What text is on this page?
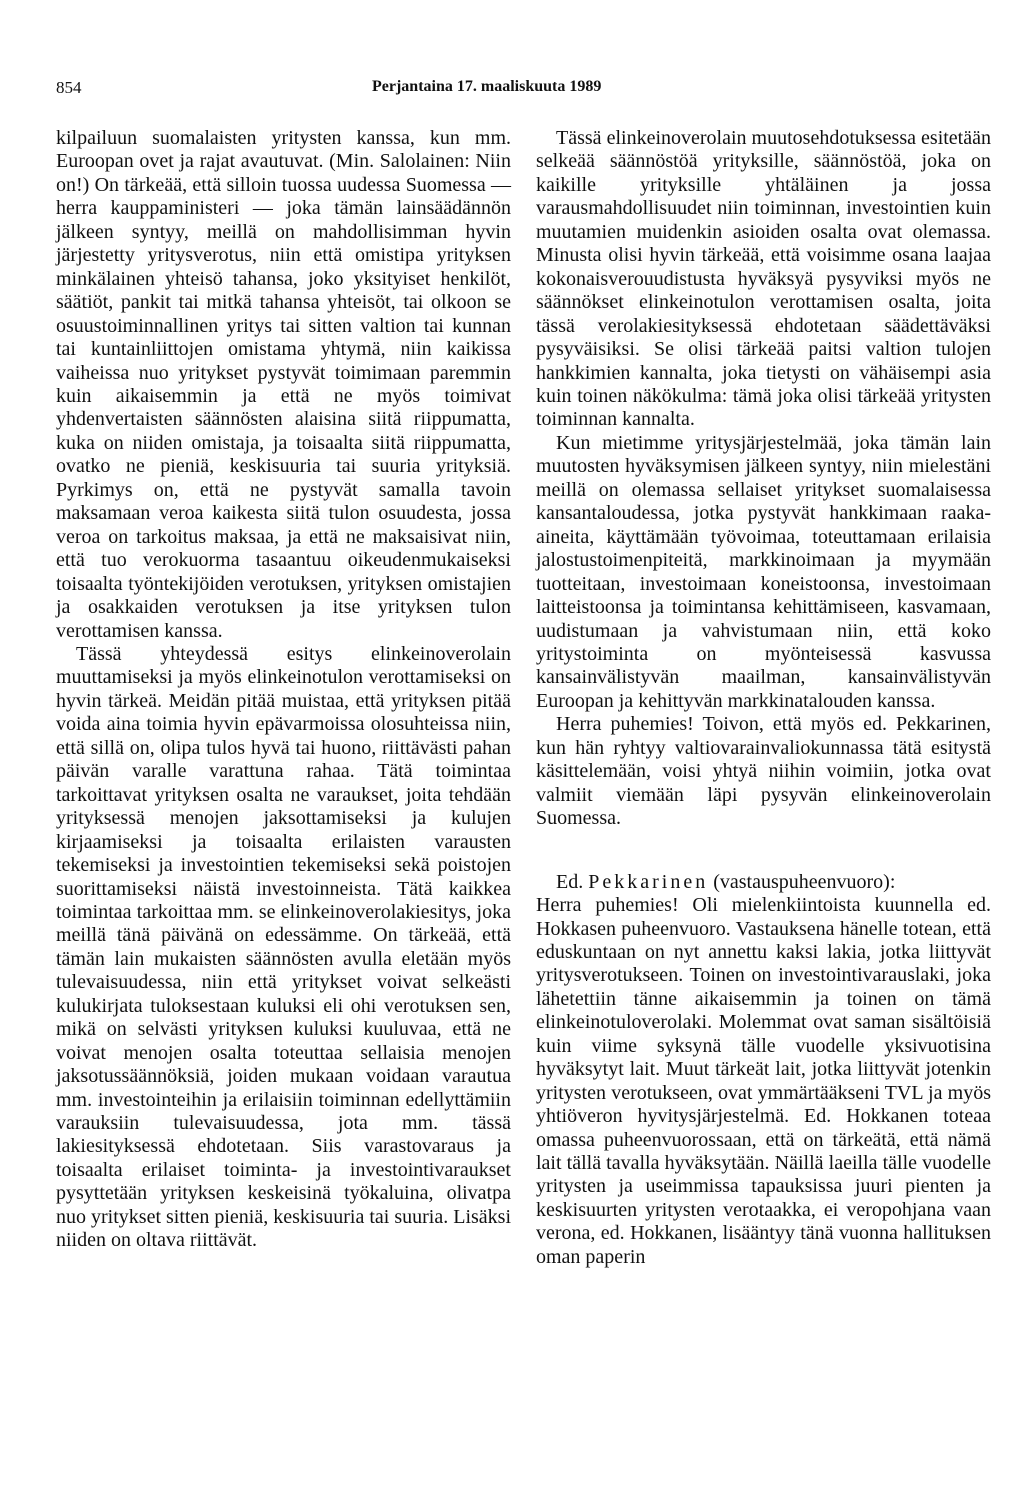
854	Perjantaina 17. maaliskuuta 1989

kilpailuun suomalaisten yritysten kanssa, kun mm. Euroopan ovet ja rajat avautuvat. (Min. Salolainen: Niin on!) On tärkeää, että silloin tuossa uudessa Suomessa — herra kauppaministeri — joka tämän lainsäädännön jälkeen syntyy, meillä on mahdollisimman hyvin järjestetty yritysverotus, niin että omistipa yrityksen minkälainen yhteisö tahansa, joko yksityiset henkilöt, säätiöt, pankit tai mitkä tahansa yhteisöt, tai olkoon se osuustoiminnallinen yritys tai sitten valtion tai kunnan tai kuntainliittojen omistama yhtymä, niin kaikissa vaiheissa nuo yritykset pystyvät toimimaan paremmin kuin aikaisemmin ja että ne myös toimivat yhdenvertaisten säännösten alaisina siitä riippumatta, kuka on niiden omistaja, ja toisaalta siitä riippumatta, ovatko ne pieniä, keskisuuria tai suuria yrityksiä. Pyrkimys on, että ne pystyvät samalla tavoin maksamaan veroa kaikesta siitä tulon osuudesta, jossa veroa on tarkoitus maksaa, ja että ne maksaisivat niin, että tuo verokuorma tasaantuu oikeudenmukaiseksi toisaalta työntekijöiden verotuksen, yrityksen omistajien ja osakkaiden verotuksen ja itse yrityksen tulon verottamisen kanssa.

Tässä yhteydessä esitys elinkeinoverolain muuttamiseksi ja myös elinkeinotulon verottamiseksi on hyvin tärkeä. Meidän pitää muistaa, että yrityksen pitää voida aina toimia hyvin epävarmoissa olosuhteissa niin, että sillä on, olipa tulos hyvä tai huono, riittävästi pahan päivän varalle varattuna rahaa. Tätä toimintaa tarkoittavat yrityksen osalta ne varaukset, joita tehdään yrityksessä menojen jaksottamiseksi ja kulujen kirjaamiseksi ja toisaalta erilaisten varausten tekemiseksi ja investointien tekemiseksi sekä poistojen suorittamiseksi näistä investoinneista. Tätä kaikkea toimintaa tarkoittaa mm. se elinkeinoverolakiesitys, joka meillä tänä päivänä on edessämme. On tärkeää, että tämän lain mukaisten säännösten avulla eletään myös tulevaisuudessa, niin että yritykset voivat selkeästi kulukirjata tuloksestaan kuluksi eli ohi verotuksen sen, mikä on selvästi yrityksen kuluksi kuuluvaa, että ne voivat menojen osalta toteuttaa sellaisia menojen jaksotussäännöksiä, joiden mukaan voidaan varautua mm. investointeihin ja erilaisiin toiminnan edellyttämiin varauksiin tulevaisuudessa, jota mm. tässä lakiesityksessä ehdotetaan. Siis varastovaraus ja toisaalta erilaiset toiminta- ja investointivaraukset pysyttetään yrityksen keskeisinä työkaluina, olivatpa nuo yritykset sitten pieniä, keskisuuria tai suuria. Lisäksi niiden on oltava riittävät.

Tässä elinkeinoverolain muutosehdotuksessa esitetään selkeää säännöstöä yrityksille, säännöstöä, joka on kaikille yrityksille yhtäläinen ja jossa varausmahdollisuudet niin toiminnan, investointien kuin muutamien muidenkin asioiden osalta ovat olemassa. Minusta olisi hyvin tärkeää, että voisimme osana laajaa kokonaisverouudistusta hyväksyä pysyviksi myös ne säännökset elinkeinotulon verottamisen osalta, joita tässä verolakiesityksessä ehdotetaan säädettäväksi pysyväisiksi. Se olisi tärkeää paitsi valtion tulojen hankkimien kannalta, joka tietysti on vähäisempi asia kuin toinen näkökulma: tämä joka olisi tärkeää yritysten toiminnan kannalta.

Kun mietimme yritysjärjestelmää, joka tämän lain muutosten hyväksymisen jälkeen syntyy, niin mielestäni meillä on olemassa sellaiset yritykset suomalaisessa kansantaloudessa, jotka pystyvät hankkimaan raaka-aineita, käyttämään työvoimaa, toteuttamaan erilaisia jalostustoimenpiteitä, markkinoimaan ja myymään tuotteitaan, investoimaan koneistoonsa, investoimaan laitteistoonsa ja toimintansa kehittämiseen, kasvamaan, uudistumaan ja vahvistumaan niin, että koko yritystoiminta on myönteisessä kasvussa kansainvälistyvän maailman, kansainvälistyvän Euroopan ja kehittyvän markkinatalouden kanssa.

Herra puhemies! Toivon, että myös ed. Pekkarinen, kun hän ryhtyy valtiovarainvaliokunnassa tätä esitystä käsittelemään, voisi yhtyä niihin voimiin, jotka ovat valmiit viemään läpi pysyvän elinkeinoverolain Suomessa.

Ed. Pekkarinen (vastauspuheenvuoro):

Herra puhemies! Oli mielenkiintoista kuunnella ed. Hokkasen puheenvuoro. Vastauksena hänelle totean, että eduskuntaan on nyt annettu kaksi lakia, jotka liittyvät yritysverotukseen. Toinen on investointivarauslaki, joka lähetettiin tänne aikaisemmin ja toinen on tämä elinkeinotuloverolaki. Molemmat ovat saman sisältöisiä kuin viime syksynä tälle vuodelle yksivuotisina hyväksytyt lait. Muut tärkeät lait, jotka liittyvät jotenkin yritysten verotukseen, ovat ymmärtääkseni TVL ja myös yhtiöveron hyvitysjärjestelmä. Ed. Hokkanen toteaa omassa puheenvuorossaan, että on tärkeätä, että nämä lait tällä tavalla hyväksytään. Näillä laeilla tälle vuodelle yritysten ja useimmissa tapauksissa juuri pienten ja keskisuurten yritysten verotaakka, ei veropohjana vaan verona, ed. Hokkanen, lisääntyy tänä vuonna hallituksen oman paperin
